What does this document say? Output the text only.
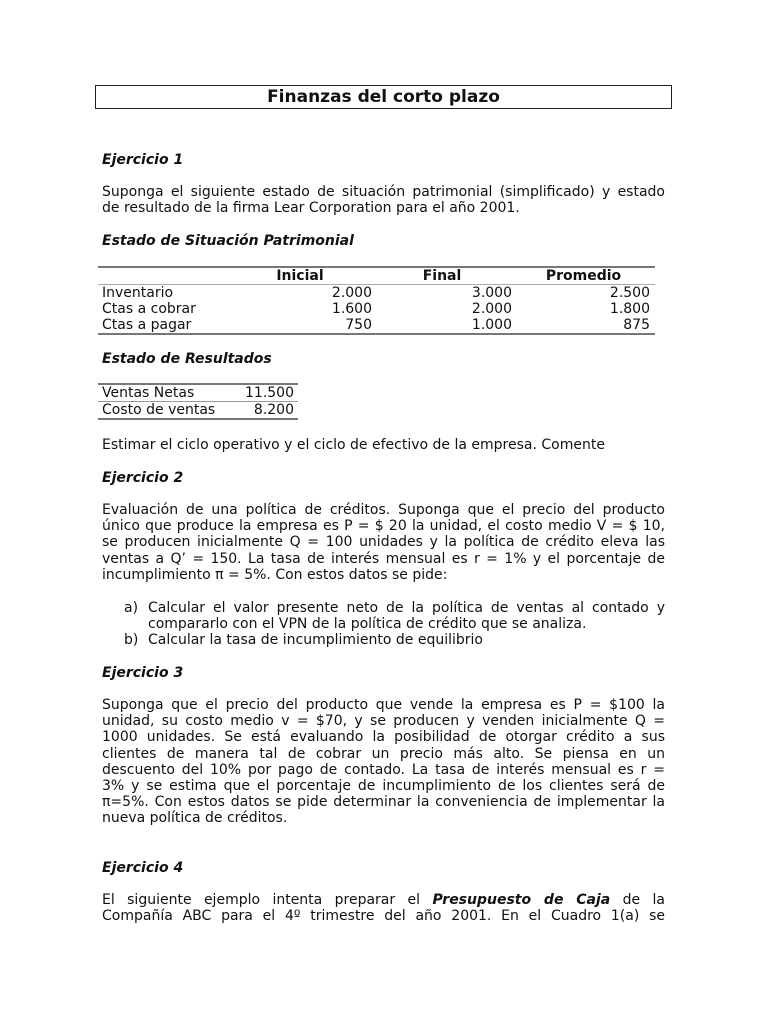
Finanzas del corto plazo
Ejercicio 1
Suponga el siguiente estado de situación patrimonial (simplificado) y estado
de resultado de la firma Lear Corporation para el año 2001.
Estado de Situación Patrimonial
	Inicial	Final	Promedio
Inventario	2.000	3.000	2.500
Ctas a cobrar	1.600	2.000	1.800
Ctas a pagar	750	1.000	875
Estado de Resultados
Ventas Netas	11.500
Costo de ventas	8.200
Estimar el ciclo operativo y el ciclo de efectivo de la empresa. Comente
Ejercicio 2
Evaluación de una política de créditos. Suponga que el precio del producto
único que produce la empresa es P = $ 20 la unidad, el costo medio V = $ 10,
se producen inicialmente Q = 100 unidades y la política de crédito eleva las
ventas a Q’ = 150. La tasa de interés mensual es r = 1% y el porcentaje de
incumplimiento π = 5%. Con estos datos se pide:
a) Calcular el valor presente neto de la política de ventas al contado y
compararlo con el VPN de la política de crédito que se analiza.
b) Calcular la tasa de incumplimiento de equilibrio
Ejercicio 3
Suponga que el precio del producto que vende la empresa es P = $100 la
unidad, su costo medio v = $70, y se producen y venden inicialmente Q =
1000 unidades. Se está evaluando la posibilidad de otorgar crédito a sus
clientes de manera tal de cobrar un precio más alto. Se piensa en un
descuento del 10% por pago de contado. La tasa de interés mensual es r =
3% y se estima que el porcentaje de incumplimiento de los clientes será de
π=5%. Con estos datos se pide determinar la conveniencia de implementar la
nueva política de créditos.
Ejercicio 4
El siguiente ejemplo intenta preparar el Presupuesto de Caja de la
Compañía ABC para el 4º trimestre del año 2001. En el Cuadro 1(a) se
